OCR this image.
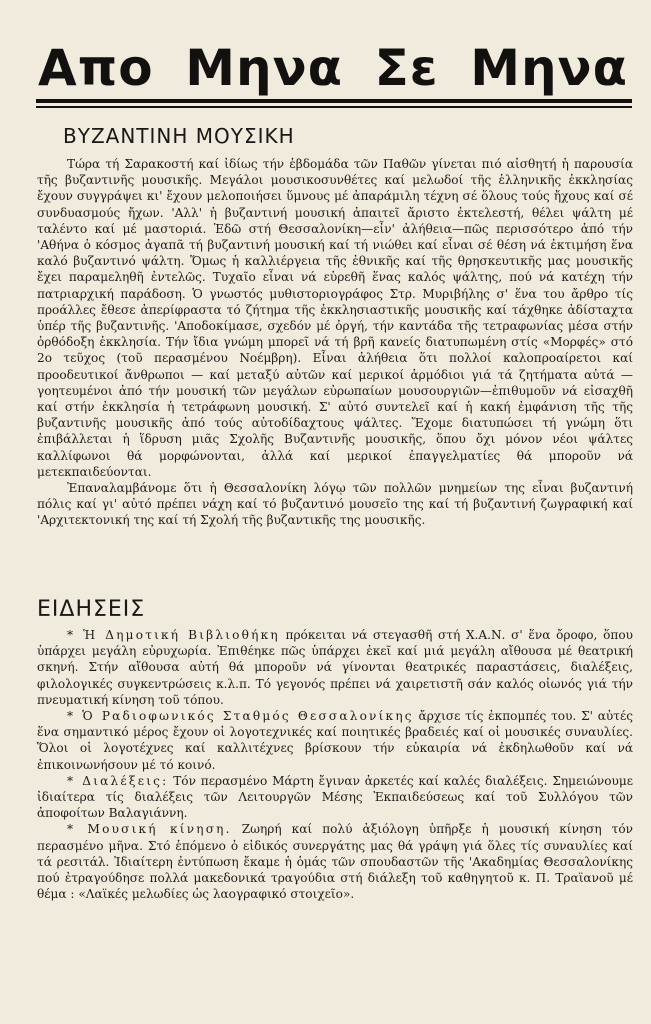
Απο Μηνα Σε Μηνα
ΒΥΖΑΝΤΙΝΗ ΜΟΥΣΙΚΗ

Τώρα τή Σαρακοστή καί ἰδίως τήν ἑβδομάδα τῶν Παθῶν γίνεται πιό αἰσθητή ἡ παρουσία τῆς βυζαντινῆς μουσικῆς. Μεγάλοι μουσικοσυνθέτες καί μελωδοί τῆς ἑλληνικῆς ἐκκλησίας ἔχουν συγγράψει κι' ἔχουν μελοποιήσει ὕμνους μέ ἀπαράμιλη τέχνη σέ ὅλους τούς ἤχους καί σέ συνδυασμούς ἤχων. 'Αλλ' ἡ βυζαντινή μουσική ἀπαιτεῖ ἄριστο ἐκτελεστή, θέλει ψάλτη μέ ταλέντο καί μέ μαστοριά. Ἐδῶ στή Θεσσαλονίκη—εἶν' ἀλήθεια—πῶς περισσότερο ἀπό τήν 'Αθήνα ὁ κόσμος ἀγαπᾶ τή βυζαντινή μουσική καί τή νιώθει καί εἶναι σέ θέση νά ἐκτιμήση ἕνα καλό βυζαντινό ψάλτη. Ὅμως ἡ καλλιέργεια τῆς ἐθνικῆς καί τῆς θρησκευτικῆς μας μουσικῆς ἔχει παραμεληθῆ ἐντελῶς. Τυχαῖο εἶναι νά εὑρεθῆ ἕνας καλός ψάλτης, πού νά κατέχη τήν πατριαρχική παράδοση. Ὁ γνωστός μυθιστοριογράφος Στρ. Μυριβήλης σ' ἕνα του ἄρθρο τίς προάλλες ἔθεσε ἀπερίφραστα τό ζήτημα τῆς ἐκκλησιαστικῆς μουσικῆς καί τάχθηκε ἀδίσταχτα ὑπέρ τῆς βυζαντινῆς. 'Αποδοκίμασε, σχεδόν μέ ὀργή, τήν καντάδα τῆς τετραφωνίας μέσα στήν ὀρθόδοξη ἐκκλησία. Τήν ἴδια γνώμη μπορεῖ νά τή βρῆ κανείς διατυπωμένη στίς «Μορφές» στό 2ο τεῦχος (τοῦ περασμένου Νοέμβρη). Εἶναι ἀλήθεια ὅτι πολλοί καλοπροαίρετοι καί προοδευτικοί ἄνθρωποι — καί μεταξύ αὐτῶν καί μερικοί ἁρμόδιοι γιά τά ζητήματα αὐτά — γοητευμένοι ἀπό τήν μουσική τῶν μεγάλων εὐρωπαίων μουσουργιῶν—ἐπιθυμοῦν νά εἰσαχθῆ καί στήν ἐκκλησία ἡ τετράφωνη μουσική. Σ' αὐτό συντελεῖ καί ἡ κακή ἐμφάνιση τῆς τῆς βυζαντινῆς μουσικῆς ἀπό τούς αὐτοδίδαχτους ψάλτες. Ἔχομε διατυπώσει τή γνώμη ὅτι ἐπιβάλλεται ἡ ἵδρυση μιᾶς Σχολῆς Βυζαντινῆς μουσικῆς, ὅπου ὄχι μόνον νέοι ψάλτες καλλίφωνοι θά μορφώνονται, ἀλλά καί μερικοί ἐπαγγελματίες θά μποροῦν νά μετεκπαιδεύονται.

Ἐπαναλαμβάνομε ὅτι ἡ Θεσσαλονίκη λόγῳ τῶν πολλῶν μνημείων της εἶναι βυζαντινή πόλις καί γι' αὐτό πρέπει νάχη καί τό βυζαντινό μουσεῖο της καί τή βυζαντινή ζωγραφική καί 'Αρχιτεκτονική της καί τή Σχολή τῆς βυζαντικῆς της μουσικῆς.

ΕΙΔΗΣΕΙΣ

* Ἡ Δημοτική Βιβλιοθήκη πρόκειται νά στεγασθῆ στή Χ.Α.Ν. σ' ἕνα ὄροφο, ὅπου ὑπάρχει μεγάλη εὐρυχωρία. Ἐπιθέηκε πῶς ὑπάρχει ἐκεῖ καί μιά μεγάλη αἴθουσα μέ θεατρική σκηνή. Στήν αἴθουσα αὐτή θά μποροῦν νά γίνονται θεατρικές παραστάσεις, διαλέξεις, φιλολογικές συγκεντρώσεις κ.λ.π. Τό γεγονός πρέπει νά χαιρετιστῆ σάν καλός οἰωνός γιά τήν πνευματική κίνηση τοῦ τόπου.

* Ὁ Ραδιοφωνικός Σταθμός Θεσσαλονίκης ἄρχισε τίς ἐκπομπές του. Σ' αὐτές ἕνα σημαντικό μέρος ἔχουν οἱ λογοτεχνικές καί ποιητικές βραδειές καί οἱ μουσικές συναυλίες. Ὅλοι οἱ λογοτέχνες καί καλλιτέχνες βρίσκουν τήν εὐκαιρία νά ἐκδηλωθοῦν καί νά ἐπικοινωνήσουν μέ τό κοινό.

* Διαλέξεις: Τόν περασμένο Μάρτη ἔγιναν ἀρκετές καί καλές διαλέξεις. Σημειώνουμε ἰδιαίτερα τίς διαλέξεις τῶν Λειτουργῶν Μέσης Ἐκπαιδεύσεως καί τοῦ Συλλόγου τῶν ἀποφοίτων Βαλαγιάννη.

* Μουσική κίνηση. Ζωηρή καί πολύ ἀξιόλογη ὑπῆρξε ἡ μουσική κίνηση τόν περασμένο μῆνα. Στό ἑπόμενο ὁ εἰδικός συνεργάτης μας θά γράψη γιά ὅλες τίς συναυλίες καί τά ρεσιτάλ. Ἰδιαίτερη ἐντύπωση ἔκαμε ἡ ὁμάς τῶν σπουδαστῶν τῆς 'Ακαδημίας Θεσσαλονίκης πού ἐτραγούδησε πολλά μακεδονικά τραγούδια στή διάλεξη τοῦ καθηγητοῦ κ. Π. Τραϊανοῦ μέ θέμα : «Λαϊκές μελωδίες ὡς λαογραφικό στοιχεῖο».
